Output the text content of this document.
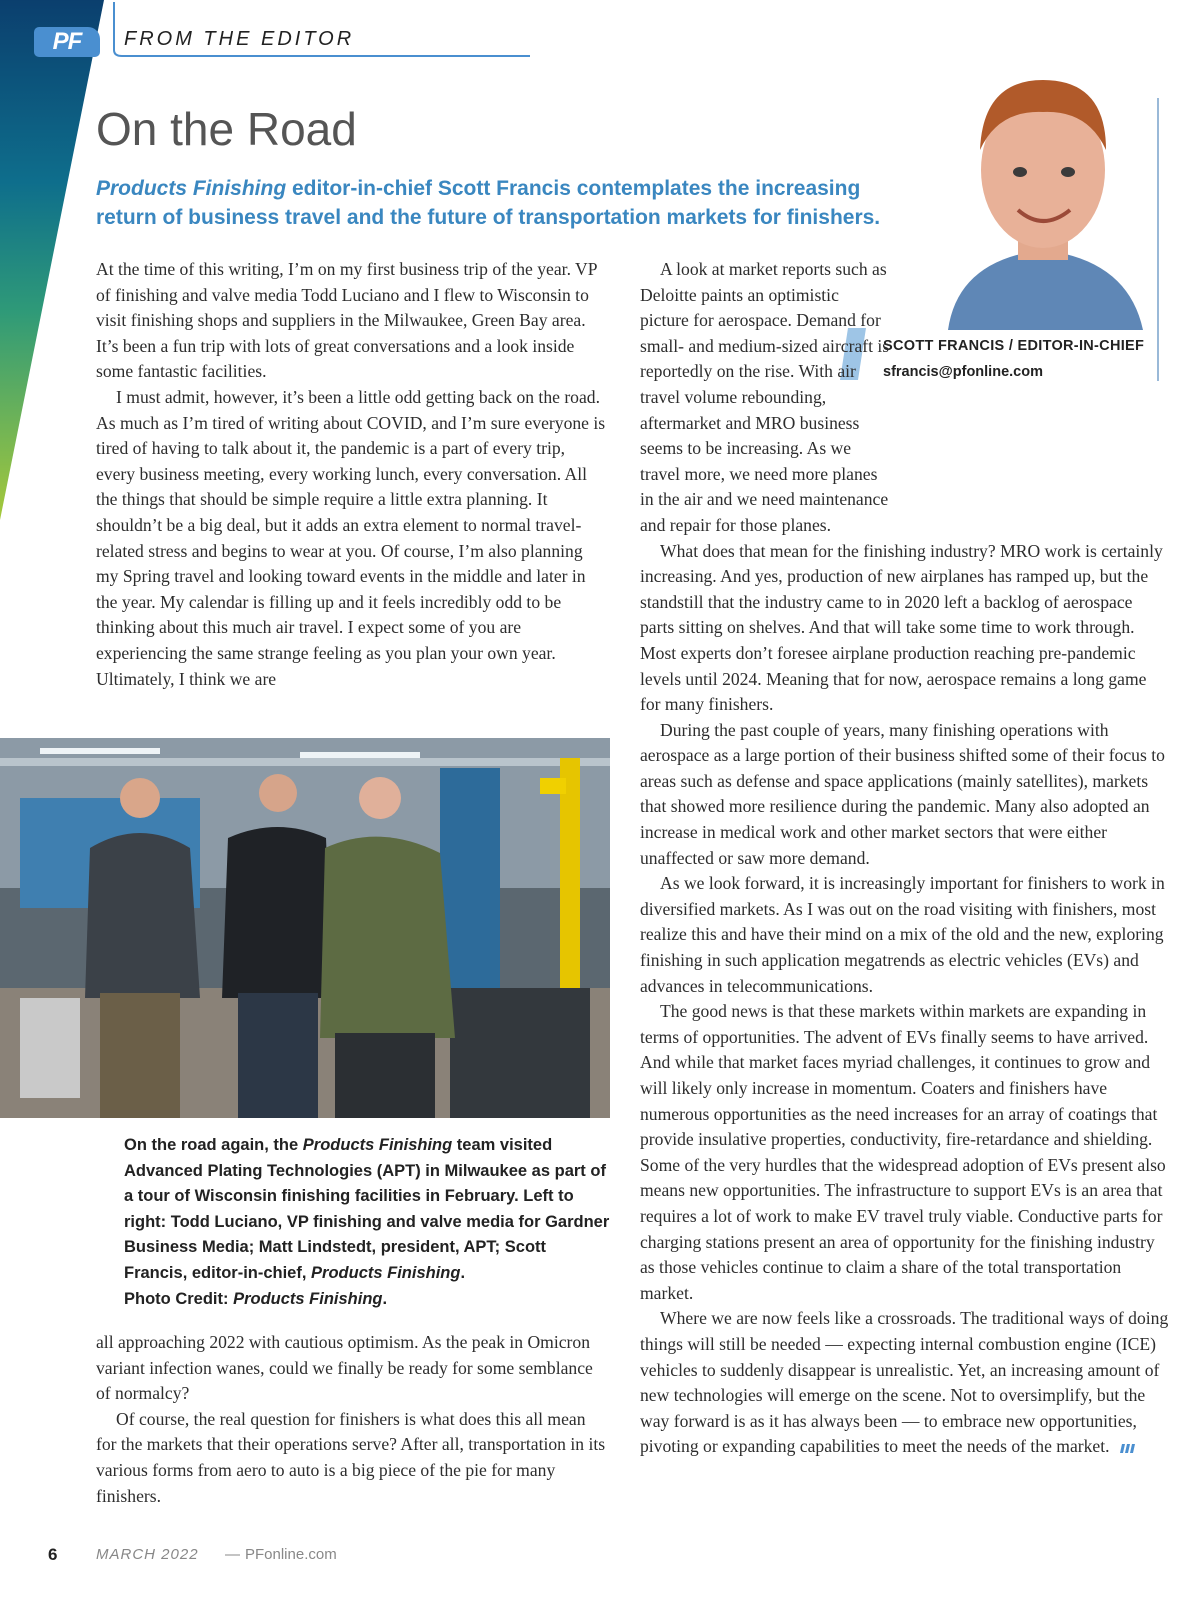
PF	FROM THE EDITOR
On the Road

Products Finishing editor-in-chief Scott Francis contemplates the increasing return of business travel and the future of transportation markets for finishers.

At the time of this writing, I’m on my first business trip of the year. VP of finishing and valve media Todd Luciano and I flew to Wisconsin to visit finishing shops and suppliers in the Milwaukee, Green Bay area. It’s been a fun trip with lots of great conversations and a look inside some fantastic facilities.

I must admit, however, it’s been a little odd getting back on the road. As much as I’m tired of writing about COVID, and I’m sure everyone is tired of having to talk about it, the pandemic is a part of every trip, every business meeting, every working lunch, every conversation. All the things that should be simple require a little extra planning. It shouldn’t be a big deal, but it adds an extra element to normal travel-related stress and begins to wear at you. Of course, I’m also planning my Spring travel and looking toward events in the middle and later in the year. My calendar is filling up and it feels incredibly odd to be thinking about this much air travel. I expect some of you are experiencing the same strange feeling as you plan your own year. Ultimately, I think we are

On the road again, the Products Finishing team visited Advanced Plating Technologies (APT) in Milwaukee as part of a tour of Wisconsin finishing facilities in February. Left to right: Todd Luciano, VP finishing and valve media for Gardner Business Media; Matt Lindstedt, president, APT; Scott Francis, editor-in-chief, Products Finishing.
Photo Credit: Products Finishing.

all approaching 2022 with cautious optimism. As the peak in Omicron variant infection wanes, could we finally be ready for some semblance of normalcy?

Of course, the real question for finishers is what does this all mean for the markets that their operations serve? After all, transportation in its various forms from aero to auto is a big piece of the pie for many finishers.

SCOTT FRANCIS / EDITOR-IN-CHIEF
sfrancis@pfonline.com

A look at market reports such as Deloitte paints an optimistic picture for aerospace. Demand for small- and medium-sized aircraft is reportedly on the rise. With air travel volume rebounding, aftermarket and MRO business seems to be increasing. As we travel more, we need more planes in the air and we need maintenance and repair for those planes.

What does that mean for the finishing industry? MRO work is certainly increasing. And yes, production of new airplanes has ramped up, but the standstill that the industry came to in 2020 left a backlog of aerospace parts sitting on shelves. And that will take some time to work through. Most experts don’t foresee airplane production reaching pre-pandemic levels until 2024. Meaning that for now, aerospace remains a long game for many finishers.

During the past couple of years, many finishing operations with aerospace as a large portion of their business shifted some of their focus to areas such as defense and space applications (mainly satellites), markets that showed more resilience during the pandemic. Many also adopted an increase in medical work and other market sectors that were either unaffected or saw more demand.

As we look forward, it is increasingly important for finishers to work in diversified markets. As I was out on the road visiting with finishers, most realize this and have their mind on a mix of the old and the new, exploring finishing in such application megatrends as electric vehicles (EVs) and advances in telecommunications.

The good news is that these markets within markets are expanding in terms of opportunities. The advent of EVs finally seems to have arrived. And while that market faces myriad challenges, it continues to grow and will likely only increase in momentum. Coaters and finishers have numerous opportunities as the need increases for an array of coatings that provide insulative properties, conductivity, fire-retardance and shielding. Some of the very hurdles that the widespread adoption of EVs present also means new opportunities. The infrastructure to support EVs is an area that requires a lot of work to make EV travel truly viable. Conductive parts for charging stations present an area of opportunity for the finishing industry as those vehicles continue to claim a share of the total transportation market.

Where we are now feels like a crossroads. The traditional ways of doing things will still be needed — expecting internal combustion engine (ICE) vehicles to suddenly disappear is unrealistic. Yet, an increasing amount of new technologies will emerge on the scene. Not to oversimplify, but the way forward is as it has always been — to embrace new opportunities, pivoting or expanding capabilities to meet the needs of the market.

6	MARCH 2022 — PFonline.com
